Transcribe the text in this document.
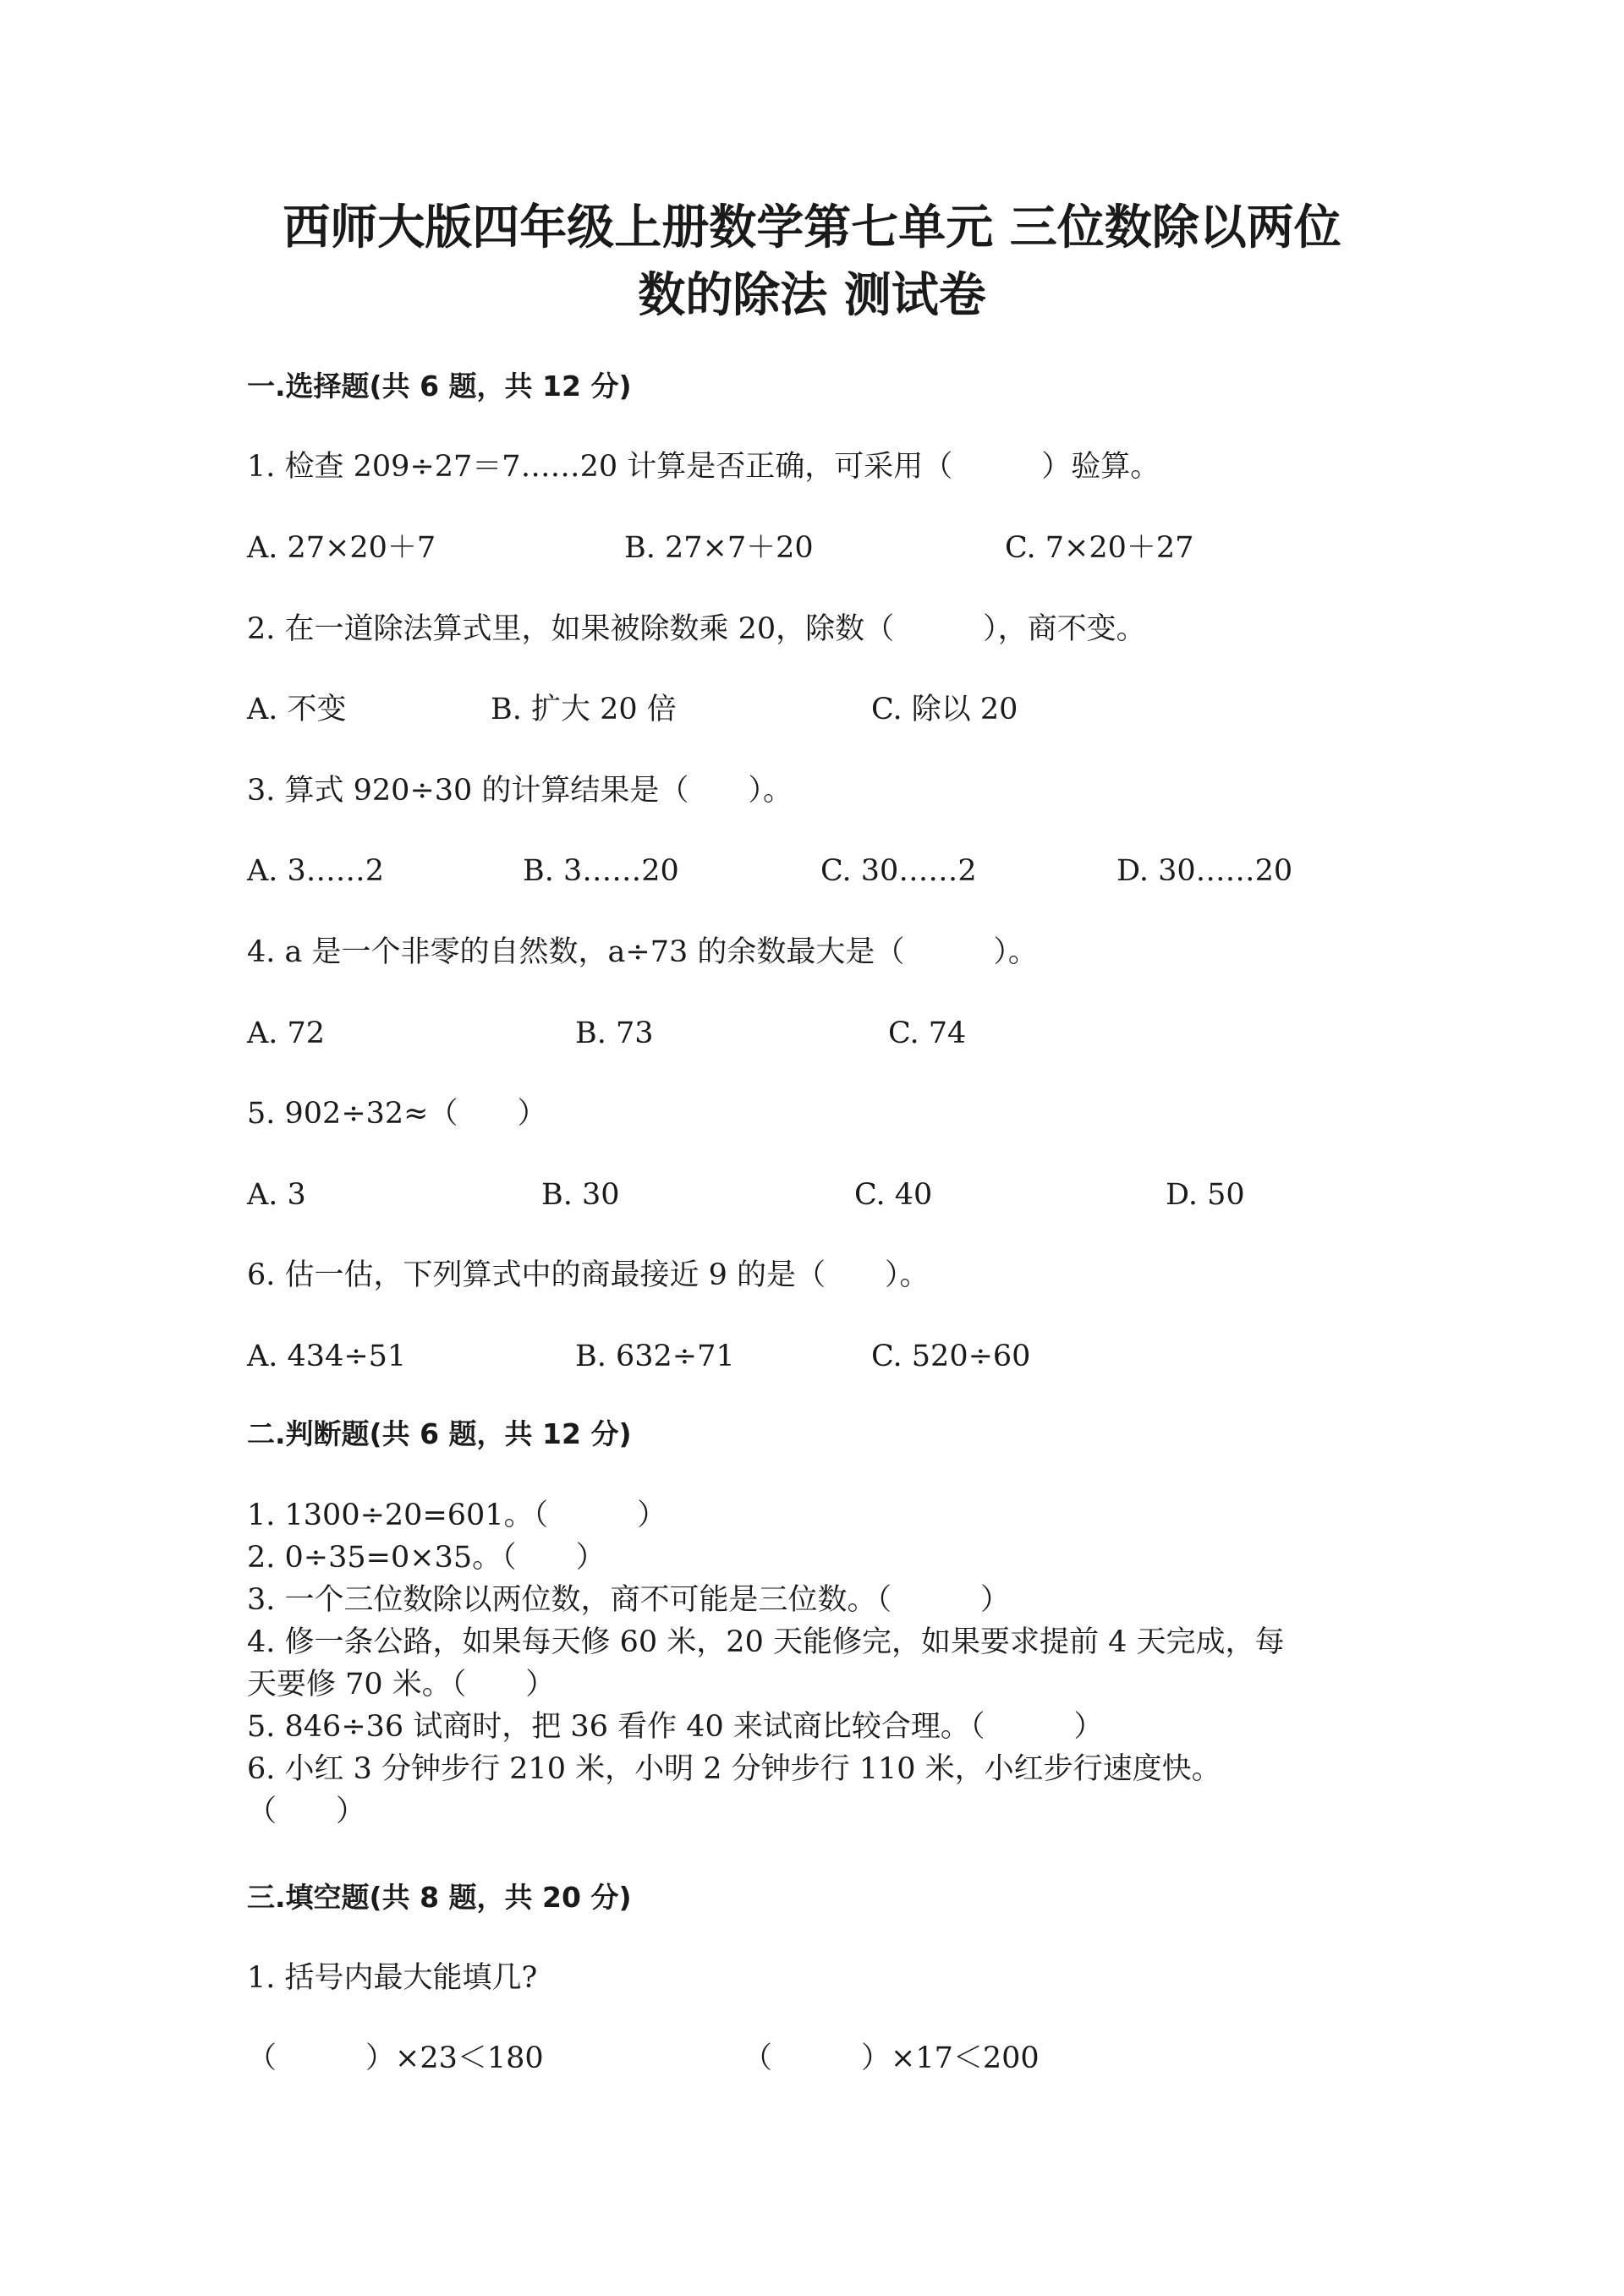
西师大版四年级上册数学第七单元 三位数除以两位
数的除法 测试卷
一.选择题(共 6 题，共 12 分)
1. 检查 209÷27＝7……20 计算是否正确，可采用（　　　）验算。
A. 27×20＋7	B. 27×7＋20	C. 7×20＋27
2. 在一道除法算式里，如果被除数乘 20，除数（　　　），商不变。
A. 不变	B. 扩大 20 倍	C. 除以 20
3. 算式 920÷30 的计算结果是（　　）。
A. 3……2	B. 3……20	C. 30……2	D. 30……20
4. a 是一个非零的自然数，a÷73 的余数最大是（　　　）。
A. 72	B. 73	C. 74
5. 902÷32≈（　　）
A. 3	B. 30	C. 40	D. 50
6. 估一估，下列算式中的商最接近 9 的是（　　）。
A. 434÷51	B. 632÷71	C. 520÷60
二.判断题(共 6 题，共 12 分)
1. 1300÷20=601。（　　　）
2. 0÷35=0×35。（　　）
3. 一个三位数除以两位数，商不可能是三位数。（　　　）
4. 修一条公路，如果每天修 60 米，20 天能修完，如果要求提前 4 天完成，每
天要修 70 米。（　　）
5. 846÷36 试商时，把 36 看作 40 来试商比较合理。（　　　）
6. 小红 3 分钟步行 210 米，小明 2 分钟步行 110 米，小红步行速度快。
（　　）
三.填空题(共 8 题，共 20 分)
1. 括号内最大能填几?
（　　　）×23＜180	（　　　）×17＜200
